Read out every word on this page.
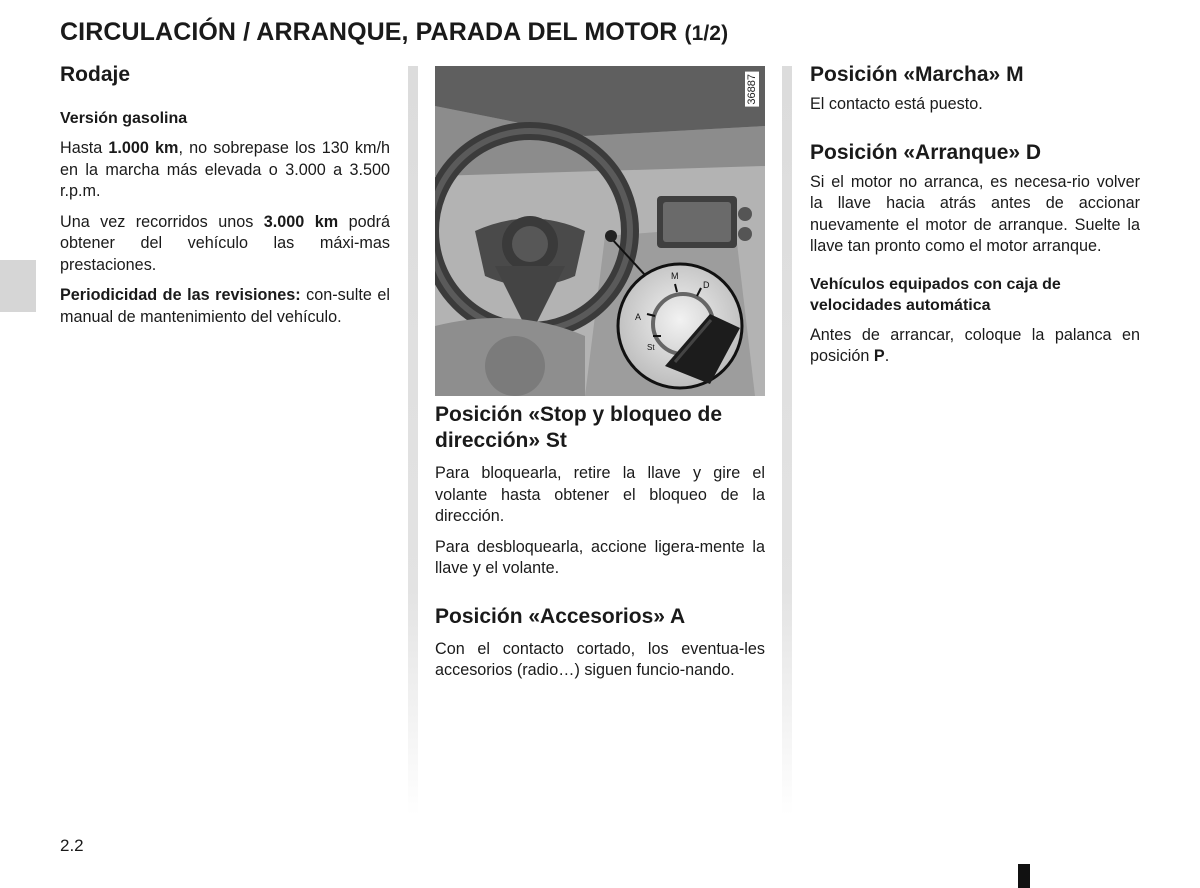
CIRCULACIÓN / ARRANQUE, PARADA DEL MOTOR (1/2)
Rodaje
Versión gasolina

Hasta 1.000 km, no sobrepase los 130 km/h en la marcha más elevada o 3.000 a 3.500 r.p.m.

Una vez recorridos unos 3.000 km podrá obtener del vehículo las máxi-mas prestaciones.

Periodicidad de las revisiones: con-sulte el manual de mantenimiento del vehículo.	A
M
D
St
36887
Posición «Stop y bloqueo de dirección» St

Para bloquearla, retire la llave y gire el volante hasta obtener el bloqueo de la dirección.

Para desbloquearla, accione ligera-mente la llave y el volante.

Posición «Accesorios» A

Con el contacto cortado, los eventua-les accesorios (radio…) siguen funcio-nando.

Posición «Marcha» M

El contacto está puesto.

Posición «Arranque» D

Si el motor no arranca, es necesa-rio volver la llave hacia atrás antes de accionar nuevamente el motor de arranque. Suelte la llave tan pronto como el motor arranque.

Vehículos equipados con caja de velocidades automática

Antes de arrancar, coloque la palanca en posición P.

2.2
